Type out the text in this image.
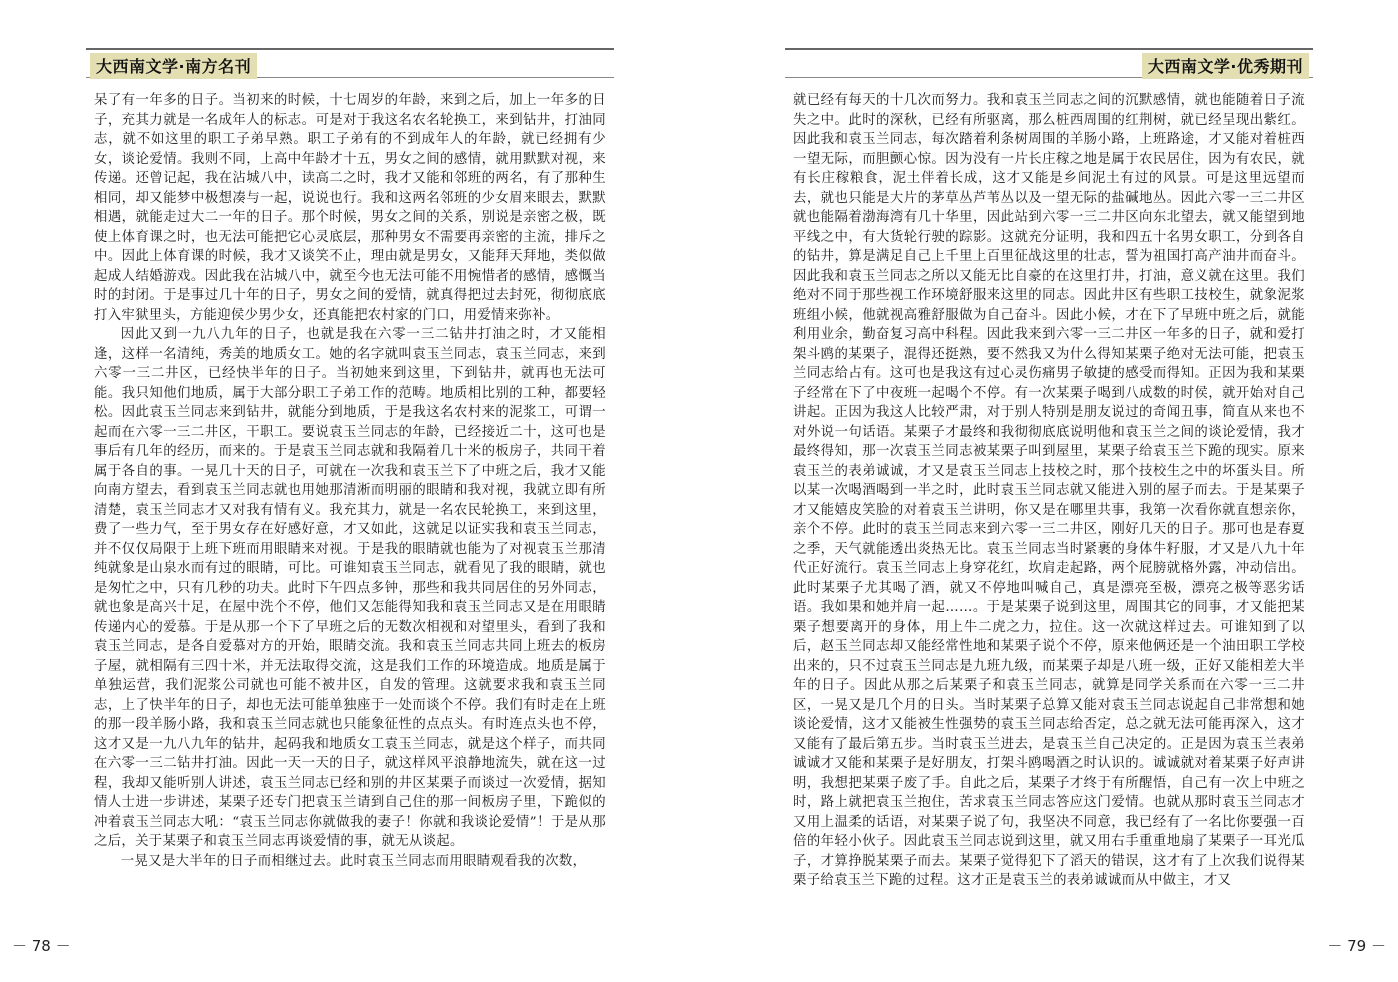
大西南文学·南方名刊

呆了有一年多的日子。当初来的时候，十七周岁的年龄，来到之后，加上一年多的日子，充其力就是一名成年人的标志。可是对于我这名农名轮换工，来到钻井，打油同志，就不如这里的职工子弟早熟。职工子弟有的不到成年人的年龄，就已经拥有少女，谈论爱情。我则不同，上高中年龄才十五，男女之间的感情，就用默默对视，来传递。还曾记起，我在沾城八中，读高二之时，我才又能和邻班的两名，有了那种生相同，却又能梦中极想凑与一起，说说也行。我和这两名邻班的少女眉来眼去，默默相遇，就能走过大二一年的日子。那个时候，男女之间的关系，别说是亲密之极，既使上体育课之时，也无法可能把它心灵底层，那种男女不需要再亲密的主流，排斥之中。因此上体育课的时候，我才又谈笑不止，理由就是男女，又能拜天拜地，类似做起成人结婚游戏。因此我在沾城八中，就至今也无法可能不用惋惜者的感情，感慨当时的封闭。于是事过几十年的日子，男女之间的爱情，就真得把过去封死，彻彻底底打入牢狱里头，方能迎侯少男少女，还真能把农村家的门口，用爱情来弥补。

因此又到一九八九年的日子，也就是我在六零一三二钻井打油之时，才又能相逢，这样一名清纯，秀美的地质女工。她的名字就叫袁玉兰同志，袁玉兰同志，来到六零一三二井区，已经快半年的日子。当初她来到这里，下到钻井，就再也无法可能。我只知他们地质，属于大部分职工子弟工作的范畴。地质相比别的工种，都要轻松。因此袁玉兰同志来到钻井，就能分到地质，于是我这名农村来的泥浆工，可谓一起而在六零一三二井区，干职工。要说袁玉兰同志的年龄，已经接近二十，这可也是事后有几年的经历，而来的。于是袁玉兰同志就和我隔着几十米的板房子，共同干着属于各自的事。一晃几十天的日子，可就在一次我和袁玉兰下了中班之后，我才又能向南方望去，看到袁玉兰同志就也用她那清淅而明丽的眼睛和我对视，我就立即有所清楚，袁玉兰同志才又对我有情有义。我充其力，就是一名农民轮换工，来到这里，费了一些力气，至于男女存在好感好意，才又如此，这就足以证实我和袁玉兰同志，并不仅仅局限于上班下班而用眼睛来对视。于是我的眼睛就也能为了对视袁玉兰那清纯就象是山泉水而有过的眼睛，可比。可谁知袁玉兰同志，就看见了我的眼睛，就也是匆忙之中，只有几秒的功夫。此时下午四点多钟，那些和我共同居住的另外同志，就也象是高兴十足，在屋中洗个不停，他们又怎能得知我和袁玉兰同志又是在用眼睛传递内心的爱慕。于是从那一个下了早班之后的无数次相视和对望里头，看到了我和袁玉兰同志，是各自爱慕对方的开始，眼睛交流。我和袁玉兰同志共同上班去的板房子屋，就相隔有三四十米，并无法取得交流，这是我们工作的环境造成。地质是属于单独运营，我们泥浆公司就也可能不被井区，自发的管理。这就要求我和袁玉兰同志，上了快半年的日子，却也无法可能单独座于一处而谈个不停。我们有时走在上班的那一段羊肠小路，我和袁玉兰同志就也只能象征性的点点头。有时连点头也不停，这才又是一九八九年的钻井，起码我和地质女工袁玉兰同志，就是这个样子，而共同在六零一三二钻井打油。因此一天一天的日子，就这样风平浪静地流失，就在这一过程，我却又能听别人讲述，袁玉兰同志已经和别的井区某栗子而谈过一次爱情，据知情人士进一步讲述，某栗子还专门把袁玉兰请到自己住的那一间板房子里，下跪似的冲着袁玉兰同志大吼：“袁玉兰同志你就做我的妻子！你就和我谈论爱情”！于是从那之后，关于某栗子和袁玉兰同志再谈爱情的事，就无从谈起。

一晃又是大半年的日子而相继过去。此时袁玉兰同志而用眼睛观看我的次数，

－ 78 －
大西南文学·优秀期刊

就已经有每天的十几次而努力。我和袁玉兰同志之间的沉默感情，就也能随着日子流失之中。此时的深秋，已经有所驱离，那么桩西周围的红荆树，就已经呈现出紫红。因此我和袁玉兰同志，每次踏着利条树周围的羊肠小路，上班路途，才又能对着桩西一望无际，而胆颤心惊。因为没有一片长庄稼之地是属于农民居住，因为有农民，就有长庄稼粮食，泥土伴着长成，这才又能是乡间泥土有过的风景。可是这里远望而去，就也只能是大片的茅草丛芦苇丛以及一望无际的盐碱地丛。因此六零一三二井区就也能隔着渤海湾有几十华里，因此站到六零一三二井区向东北望去，就又能望到地平线之中，有大货轮行驶的踪影。这就充分证明，我和四五十名男女职工，分到各自的钻井，算是满足自己上千里上百里征战这里的壮志，誓为祖国打高产油井而奋斗。因此我和袁玉兰同志之所以又能无比自豪的在这里打井，打油，意义就在这里。我们绝对不同于那些视工作环境舒服来这里的同志。因此井区有些职工技校生，就象泥浆班组小候，他就视高雅舒服做为自己奋斗。因此小候，才在下了早班中班之后，就能利用业余，勤奋复习高中科程。因此我来到六零一三二井区一年多的日子，就和爱打架斗鸥的某栗子，混得还挺熟，要不然我又为什么得知某栗子绝对无法可能，把袁玉兰同志给占有。这可也是我这有过心灵伤痛男子敏捷的感受而得知。正因为我和某栗子经常在下了中夜班一起喝个不停。有一次某栗子喝到八成数的时侯，就开始对自己讲起。正因为我这人比较严肃，对于别人特别是朋友说过的奇闻丑事，简直从来也不对外说一句话语。某栗子才最终和我彻彻底底说明他和袁玉兰之间的谈论爱情，我才最终得知，那一次袁玉兰同志被某栗子叫到屋里，某栗子给袁玉兰下跪的现实。原来袁玉兰的表弟诚诚，才又是袁玉兰同志上技校之时，那个技校生之中的坏蛋头目。所以某一次喝酒喝到一半之时，此时袁玉兰同志就又能进入别的屋子而去。于是某栗子才又能嬉皮笑脸的对着袁玉兰讲明，你又是在哪里共事，我第一次看你就直想亲你，亲个不停。此时的袁玉兰同志来到六零一三二井区，刚好几天的日子。那可也是春夏之季，天气就能透出炎热无比。袁玉兰同志当时紧裹的身体牛籽服，才又是八九十年代正好流行。袁玉兰同志上身穿花红，坎肩走起路，两个屁膀就格外露，冲动信出。此时某栗子尤其喝了酒，就又不停地叫喊自己，真是漂亮至极，漂亮之极等恶劣话语。我如果和她并肩一起……。于是某栗子说到这里，周围其它的同事，才又能把某栗子想要离开的身体，用上牛二虎之力，拉住。这一次就这样过去。可谁知到了以后，赵玉兰同志却又能经常性地和某栗子说个不停，原来他俩还是一个油田职工学校出来的，只不过袁玉兰同志是九班九级，而某栗子却是八班一级，正好又能相差大半年的日子。因此从那之后某栗子和袁玉兰同志，就算是同学关系而在六零一三二井区，一晃又是几个月的日头。当时某栗子总算又能对袁玉兰同志说起自己非常想和她谈论爱情，这才又能被生性强势的袁玉兰同志给否定，总之就无法可能再深入，这才又能有了最后第五步。当时袁玉兰进去，是袁玉兰自己决定的。正是因为袁玉兰表弟诚诚才又能和某栗子是好朋友，打架斗鸥喝酒之时认识的。诚诚就对着某栗子好声讲明，我想把某栗子废了手。自此之后，某栗子才终于有所醒悟，自己有一次上中班之时，路上就把袁玉兰抱住，苦求袁玉兰同志答应这门爱情。也就从那时袁玉兰同志才又用上温柔的话语，对某栗子说了句，我坚决不同意，我已经有了一名比你要强一百倍的年轻小伙子。因此袁玉兰同志说到这里，就又用右手重重地扇了某栗子一耳光瓜子，才算挣脱某栗子而去。某栗子觉得犯下了滔天的错误，这才有了上次我们说得某栗子给袁玉兰下跪的过程。这才正是袁玉兰的表弟诚诚而从中做主，才又

－ 79 －
